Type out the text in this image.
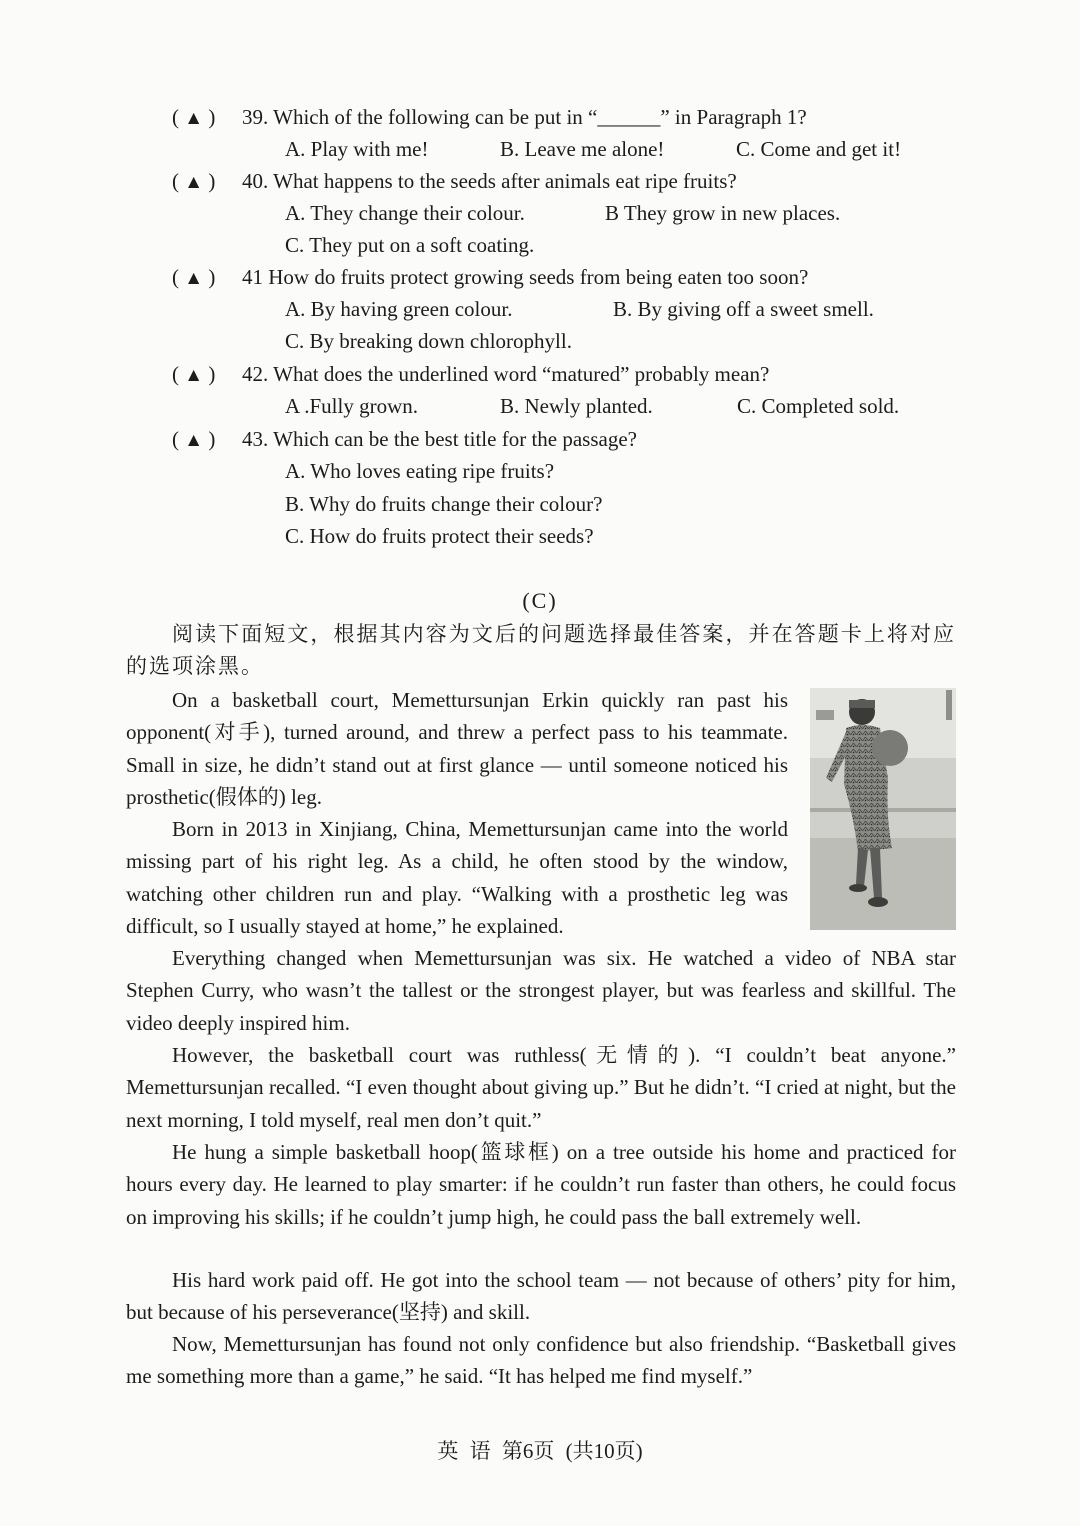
( ▲ ) 39. Which of the following can be put in “______” in Paragraph 1?
A. Play with me!	B. Leave me alone!	C. Come and get it!
( ▲ ) 40. What happens to the seeds after animals eat ripe fruits?
A. They change their colour.	B They grow in new places.
C. They put on a soft coating.
( ▲ ) 41 How do fruits protect growing seeds from being eaten too soon?
A. By having green colour.	B. By giving off a sweet smell.
C. By breaking down chlorophyll.
( ▲ ) 42. What does the underlined word “matured” probably mean?
A .Fully grown.	B. Newly planted.	C. Completed sold.
( ▲ ) 43. Which can be the best title for the passage?
A. Who loves eating ripe fruits?
B. Why do fruits change their colour?
C. How do fruits protect their seeds?
(C)
阅读下面短文，根据其内容为文后的问题选择最佳答案，并在答题卡上将对应的选项涂黑。
On a basketball court, Memettursunjan Erkin quickly ran past his opponent(对手), turned around, and threw a perfect pass to his teammate. Small in size, he didn’t stand out at first glance — until someone noticed his prosthetic(假体的) leg.
Born in 2013 in Xinjiang, China, Memettursunjan came into the world missing part of his right leg. As a child, he often stood by the window, watching other children run and play. “Walking with a prosthetic leg was difficult, so I usually stayed at home,” he explained.
Everything changed when Memettursunjan was six. He watched a video of NBA star Stephen Curry, who wasn’t the tallest or the strongest player, but was fearless and skillful. The video deeply inspired him.
However, the basketball court was ruthless(无情的). “I couldn’t beat anyone.” Memettursunjan recalled. “I even thought about giving up.” But he didn’t. “I cried at night, but the next morning, I told myself, real men don’t quit.”
He hung a simple basketball hoop(篮球框) on a tree outside his home and practiced for hours every day. He learned to play smarter: if he couldn’t run faster than others, he could focus on improving his skills; if he couldn’t jump high, he could pass the ball extremely well.
His hard work paid off. He got into the school team — not because of others’ pity for him, but because of his perseverance(坚持) and skill.
Now, Memettursunjan has found not only confidence but also friendship. “Basketball gives me something more than a game,” he said. “It has helped me find myself.”
英 语 第6页 (共10页)
